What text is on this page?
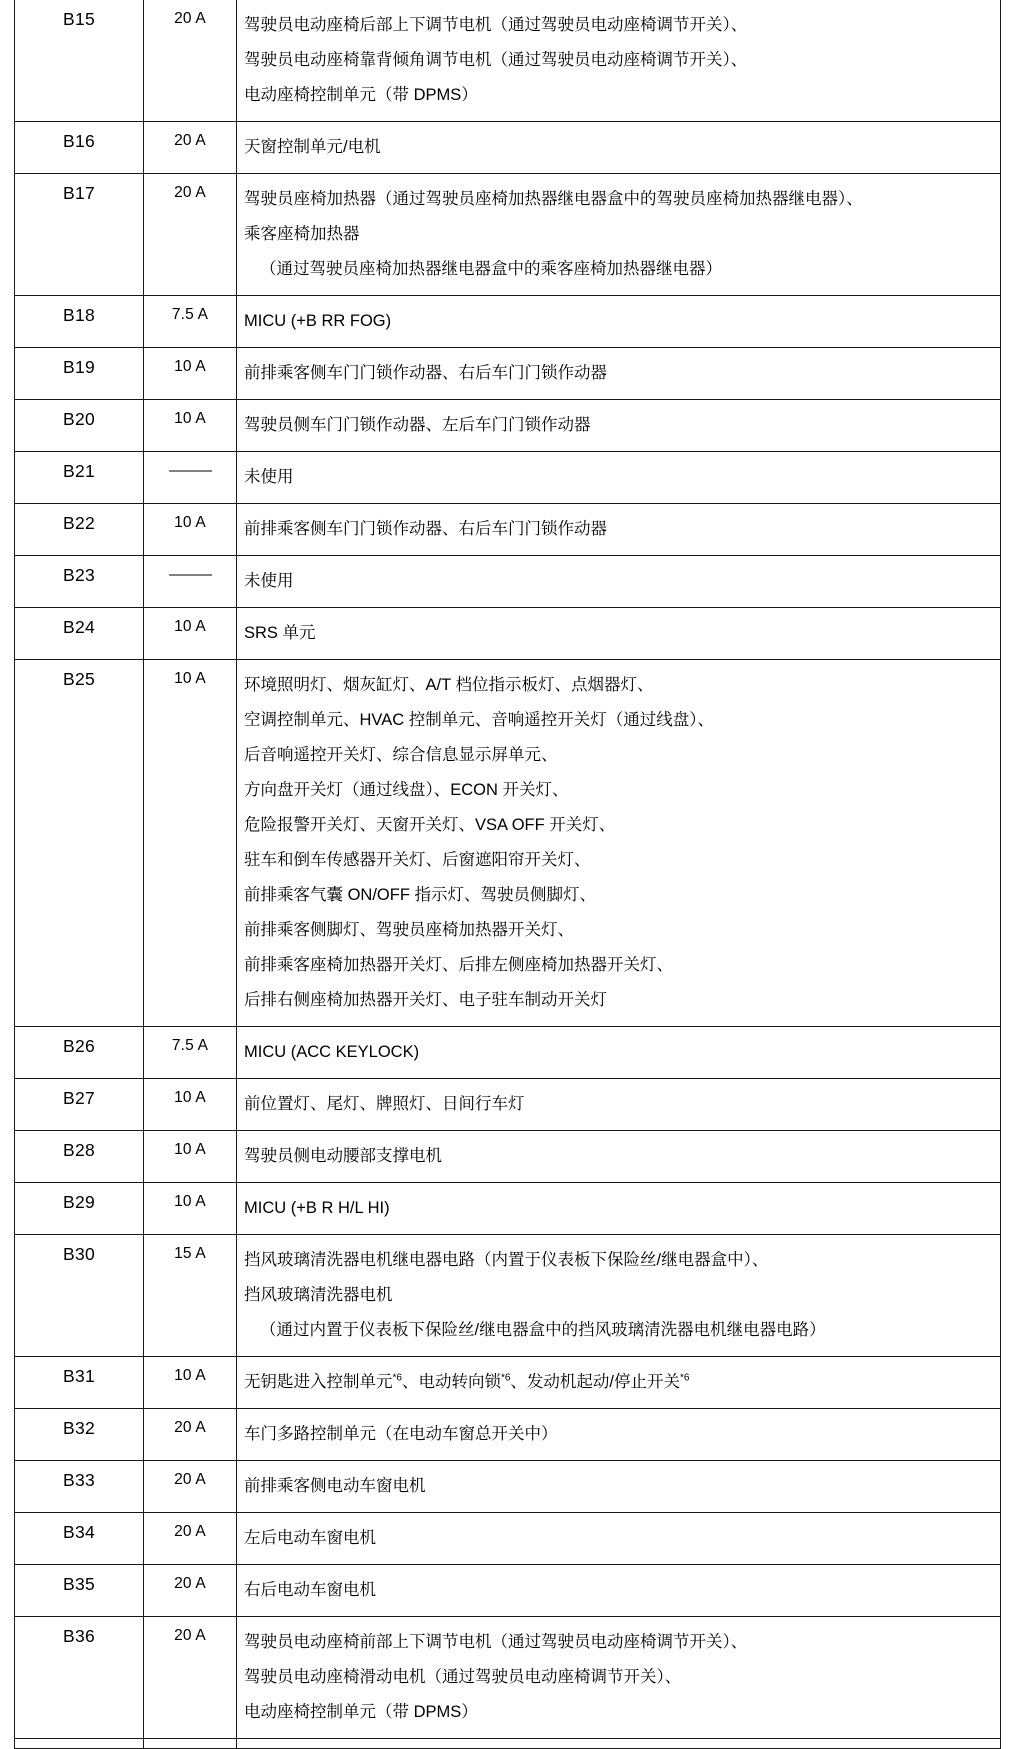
B15	20 A	驾驶员电动座椅后部上下调节电机（通过驾驶员电动座椅调节开关）、
驾驶员电动座椅靠背倾角调节电机（通过驾驶员电动座椅调节开关）、
电动座椅控制单元（带 DPMS）

B16	20 A	天窗控制单元/电机

B17	20 A	驾驶员座椅加热器（通过驾驶员座椅加热器继电器盒中的驾驶员座椅加热器继电器）、
乘客座椅加热器
（通过驾驶员座椅加热器继电器盒中的乘客座椅加热器继电器）

B18	7.5 A	MICU (+B RR FOG)

B19	10 A	前排乘客侧车门门锁作动器、右后车门门锁作动器

B20	10 A	驾驶员侧车门门锁作动器、左后车门门锁作动器

B21	———	未使用

B22	10 A	前排乘客侧车门门锁作动器、右后车门门锁作动器

B23	———	未使用

B24	10 A	SRS 单元

B25	10 A	环境照明灯、烟灰缸灯、A/T 档位指示板灯、点烟器灯、
空调控制单元、HVAC 控制单元、音响遥控开关灯（通过线盘）、
后音响遥控开关灯、综合信息显示屏单元、
方向盘开关灯（通过线盘）、ECON 开关灯、
危险报警开关灯、天窗开关灯、VSA OFF 开关灯、
驻车和倒车传感器开关灯、后窗遮阳帘开关灯、
前排乘客气囊 ON/OFF 指示灯、驾驶员侧脚灯、
前排乘客侧脚灯、驾驶员座椅加热器开关灯、
前排乘客座椅加热器开关灯、后排左侧座椅加热器开关灯、
后排右侧座椅加热器开关灯、电子驻车制动开关灯

B26	7.5 A	MICU (ACC KEYLOCK)

B27	10 A	前位置灯、尾灯、牌照灯、日间行车灯

B28	10 A	驾驶员侧电动腰部支撑电机

B29	10 A	MICU (+B R H/L HI)

B30	15 A	挡风玻璃清洗器电机继电器电路（内置于仪表板下保险丝/继电器盒中）、
挡风玻璃清洗器电机
（通过内置于仪表板下保险丝/继电器盒中的挡风玻璃清洗器电机继电器电路）

B31	10 A	无钥匙进入控制单元$^{*6}$、电动转向锁$^{*6}$、发动机起动/停止开关$^{*6}$

B32	20 A	车门多路控制单元（在电动车窗总开关中）

B33	20 A	前排乘客侧电动车窗电机

B34	20 A	左后电动车窗电机

B35	20 A	右后电动车窗电机

B36	20 A	驾驶员电动座椅前部上下调节电机（通过驾驶员电动座椅调节开关）、
驾驶员电动座椅滑动电机（通过驾驶员电动座椅调节开关）、
电动座椅控制单元（带 DPMS）
